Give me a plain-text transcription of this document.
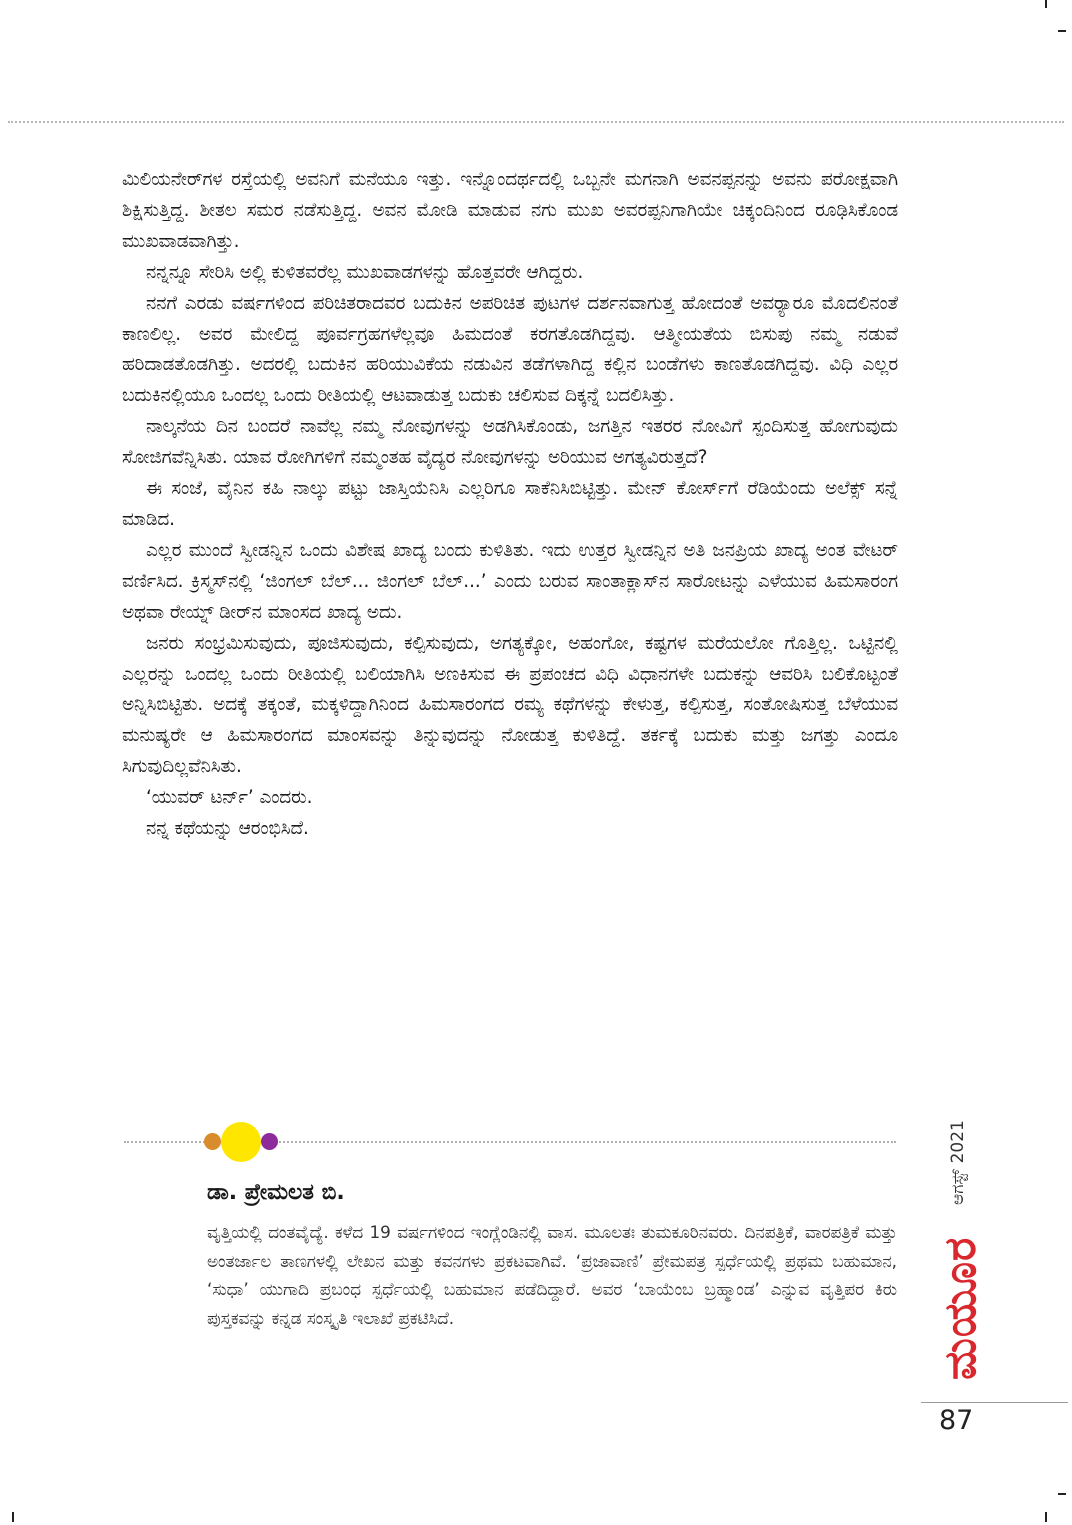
ಮಿಲಿಯನೇರ್‌ಗಳ ರಸ್ತೆಯಲ್ಲಿ ಅವನಿಗೆ ಮನೆಯೂ ಇತ್ತು. ಇನ್ನೊಂದರ್ಥದಲ್ಲಿ ಒಬ್ಬನೇ ಮಗನಾಗಿ ಅವನಪ್ಪನನ್ನು ಅವನು ಪರೋಕ್ಷವಾಗಿ ಶಿಕ್ಷಿಸುತ್ತಿದ್ದ. ಶೀತಲ ಸಮರ ನಡೆಸುತ್ತಿದ್ದ. ಅವನ ಮೋಡಿ ಮಾಡುವ ನಗು ಮುಖ ಅವರಪ್ಪನಿಗಾಗಿಯೇ ಚಿಕ್ಕಂದಿನಿಂದ ರೂಢಿಸಿಕೊಂಡ ಮುಖವಾಡವಾಗಿತ್ತು.

ನನ್ನನ್ನೂ ಸೇರಿಸಿ ಅಲ್ಲಿ ಕುಳಿತವರೆಲ್ಲ ಮುಖವಾಡಗಳನ್ನು ಹೊತ್ತವರೇ ಆಗಿದ್ದರು.

ನನಗೆ ಎರಡು ವರ್ಷಗಳಿಂದ ಪರಿಚಿತರಾದವರ ಬದುಕಿನ ಅಪರಿಚಿತ ಪುಟಗಳ ದರ್ಶನವಾಗುತ್ತ ಹೋದಂತೆ ಅವರ‍್ಯಾರೂ ಮೊದಲಿನಂತೆ ಕಾಣಲಿಲ್ಲ. ಅವರ ಮೇಲಿದ್ದ ಪೂರ್ವಗ್ರಹಗಳೆಲ್ಲವೂ ಹಿಮದಂತೆ ಕರಗತೊಡಗಿದ್ದವು. ಆತ್ಮೀಯತೆಯ ಬಿಸುಪು ನಮ್ಮ ನಡುವೆ ಹರಿದಾಡತೊಡಗಿತ್ತು. ಅದರಲ್ಲಿ ಬದುಕಿನ ಹರಿಯುವಿಕೆಯ ನಡುವಿನ ತಡೆಗಳಾಗಿದ್ದ ಕಲ್ಲಿನ ಬಂಡೆಗಳು ಕಾಣತೊಡಗಿದ್ದವು. ವಿಧಿ ಎಲ್ಲರ ಬದುಕಿನಲ್ಲಿಯೂ ಒಂದಲ್ಲ ಒಂದು ರೀತಿಯಲ್ಲಿ ಆಟವಾಡುತ್ತ ಬದುಕು ಚಲಿಸುವ ದಿಕ್ಕನ್ನೆ ಬದಲಿಸಿತ್ತು.

ನಾಲ್ಕನೆಯ ದಿನ ಬಂದರೆ ನಾವೆಲ್ಲ ನಮ್ಮ ನೋವುಗಳನ್ನು ಅಡಗಿಸಿಕೊಂಡು, ಜಗತ್ತಿನ ಇತರರ ನೋವಿಗೆ ಸ್ಪಂದಿಸುತ್ತ ಹೋಗುವುದು ಸೋಜಿಗವೆನ್ನಿಸಿತು. ಯಾವ ರೋಗಿಗಳಿಗೆ ನಮ್ಮಂತಹ ವೈದ್ಯರ ನೋವುಗಳನ್ನು ಅರಿಯುವ ಅಗತ್ಯವಿರುತ್ತದೆ?

ಈ ಸಂಜೆ, ವೈನಿನ ಕಹಿ ನಾಲ್ಕು ಪಟ್ಟು ಜಾಸ್ತಿಯೆನಿಸಿ ಎಲ್ಲರಿಗೂ ಸಾಕೆನಿಸಿಬಿಟ್ಟಿತ್ತು. ಮೇನ್ ಕೋರ್ಸ್‌ಗೆ ರೆಡಿಯೆಂದು ಅಲೆಕ್ಸ್ ಸನ್ನೆ ಮಾಡಿದ.

ಎಲ್ಲರ ಮುಂದೆ ಸ್ವೀಡನ್ನಿನ ಒಂದು ವಿಶೇಷ ಖಾದ್ಯ ಬಂದು ಕುಳಿತಿತು. ಇದು ಉತ್ತರ ಸ್ವೀಡನ್ನಿನ ಅತಿ ಜನಪ್ರಿಯ ಖಾದ್ಯ ಅಂತ ವೇಟರ್ ವರ್ಣಿಸಿದ. ಕ್ರಿಸ್ಮಸ್‌ನಲ್ಲಿ ‘ಜಿಂಗಲ್ ಬೆಲ್... ಜಿಂಗಲ್ ಬೆಲ್...’ ಎಂದು ಬರುವ ಸಾಂತಾಕ್ಲಾಸ್‌ನ ಸಾರೋಟನ್ನು ಎಳೆಯುವ ಹಿಮಸಾರಂಗ ಅಥವಾ ರೇಯ್ನ್ ಡೀರ್‌ನ ಮಾಂಸದ ಖಾದ್ಯ ಅದು.

ಜನರು ಸಂಭ್ರಮಿಸುವುದು, ಪೂಜಿಸುವುದು, ಕಲ್ಪಿಸುವುದು, ಅಗತ್ಯಕ್ಕೋ, ಅಹಂಗೋ, ಕಷ್ಟಗಳ ಮರೆಯಲೋ ಗೊತ್ತಿಲ್ಲ. ಒಟ್ಟಿನಲ್ಲಿ ಎಲ್ಲರನ್ನು ಒಂದಲ್ಲ ಒಂದು ರೀತಿಯಲ್ಲಿ ಬಲಿಯಾಗಿಸಿ ಅಣಕಿಸುವ ಈ ಪ್ರಪಂಚದ ವಿಧಿ ವಿಧಾನಗಳೇ ಬದುಕನ್ನು ಆವರಿಸಿ ಬಲಿಕೊಟ್ಟಂತೆ ಅನ್ನಿಸಿಬಿಟ್ಟಿತು. ಅದಕ್ಕೆ ತಕ್ಕಂತೆ, ಮಕ್ಕಳಿದ್ದಾಗಿನಿಂದ ಹಿಮಸಾರಂಗದ ರಮ್ಯ ಕಥೆಗಳನ್ನು ಕೇಳುತ್ತ, ಕಲ್ಪಿಸುತ್ತ, ಸಂತೋಷಿಸುತ್ತ ಬೆಳೆಯುವ ಮನುಷ್ಯರೇ ಆ ಹಿಮಸಾರಂಗದ ಮಾಂಸವನ್ನು ತಿನ್ನುವುದನ್ನು ನೋಡುತ್ತ ಕುಳಿತಿದ್ದೆ. ತರ್ಕಕ್ಕೆ ಬದುಕು ಮತ್ತು ಜಗತ್ತು ಎಂದೂ ಸಿಗುವುದಿಲ್ಲವೆನಿಸಿತು.

‘ಯುವರ್ ಟರ್ನ್’ ಎಂದರು.

ನನ್ನ ಕಥೆಯನ್ನು ಆರಂಭಿಸಿದೆ.

ಡಾ. ಪ್ರೇಮಲತ ಬಿ.
ವೃತ್ತಿಯಲ್ಲಿ ದಂತವೈದ್ಯೆ. ಕಳೆದ 19 ವರ್ಷಗಳಿಂದ ಇಂಗ್ಲೆಂಡಿನಲ್ಲಿ ವಾಸ. ಮೂಲತಃ ತುಮಕೂರಿನವರು. ದಿನಪತ್ರಿಕೆ, ವಾರಪತ್ರಿಕೆ ಮತ್ತು ಅಂತರ್ಜಾಲ ತಾಣಗಳಲ್ಲಿ ಲೇಖನ ಮತ್ತು ಕವನಗಳು ಪ್ರಕಟವಾಗಿವೆ. ‘ಪ್ರಜಾವಾಣಿ’ ಪ್ರೇಮಪತ್ರ ಸ್ಪರ್ಧೆಯಲ್ಲಿ ಪ್ರಥಮ ಬಹುಮಾನ, ‘ಸುಧಾ’ ಯುಗಾದಿ ಪ್ರಬಂಧ ಸ್ಪರ್ಧೆಯಲ್ಲಿ ಬಹುಮಾನ ಪಡೆದಿದ್ದಾರೆ. ಅವರ ‘ಬಾಯೆಂಬ ಬ್ರಹ್ಮಾಂಡ’ ಎನ್ನುವ ವೃತ್ತಿಪರ ಕಿರು ಪುಸ್ತಕವನ್ನು ಕನ್ನಡ ಸಂಸ್ಕೃತಿ ಇಲಾಖೆ ಪ್ರಕಟಿಸಿದೆ.
ಆಗಸ್ಟ್ 2021
ಮಯೂರ
87
